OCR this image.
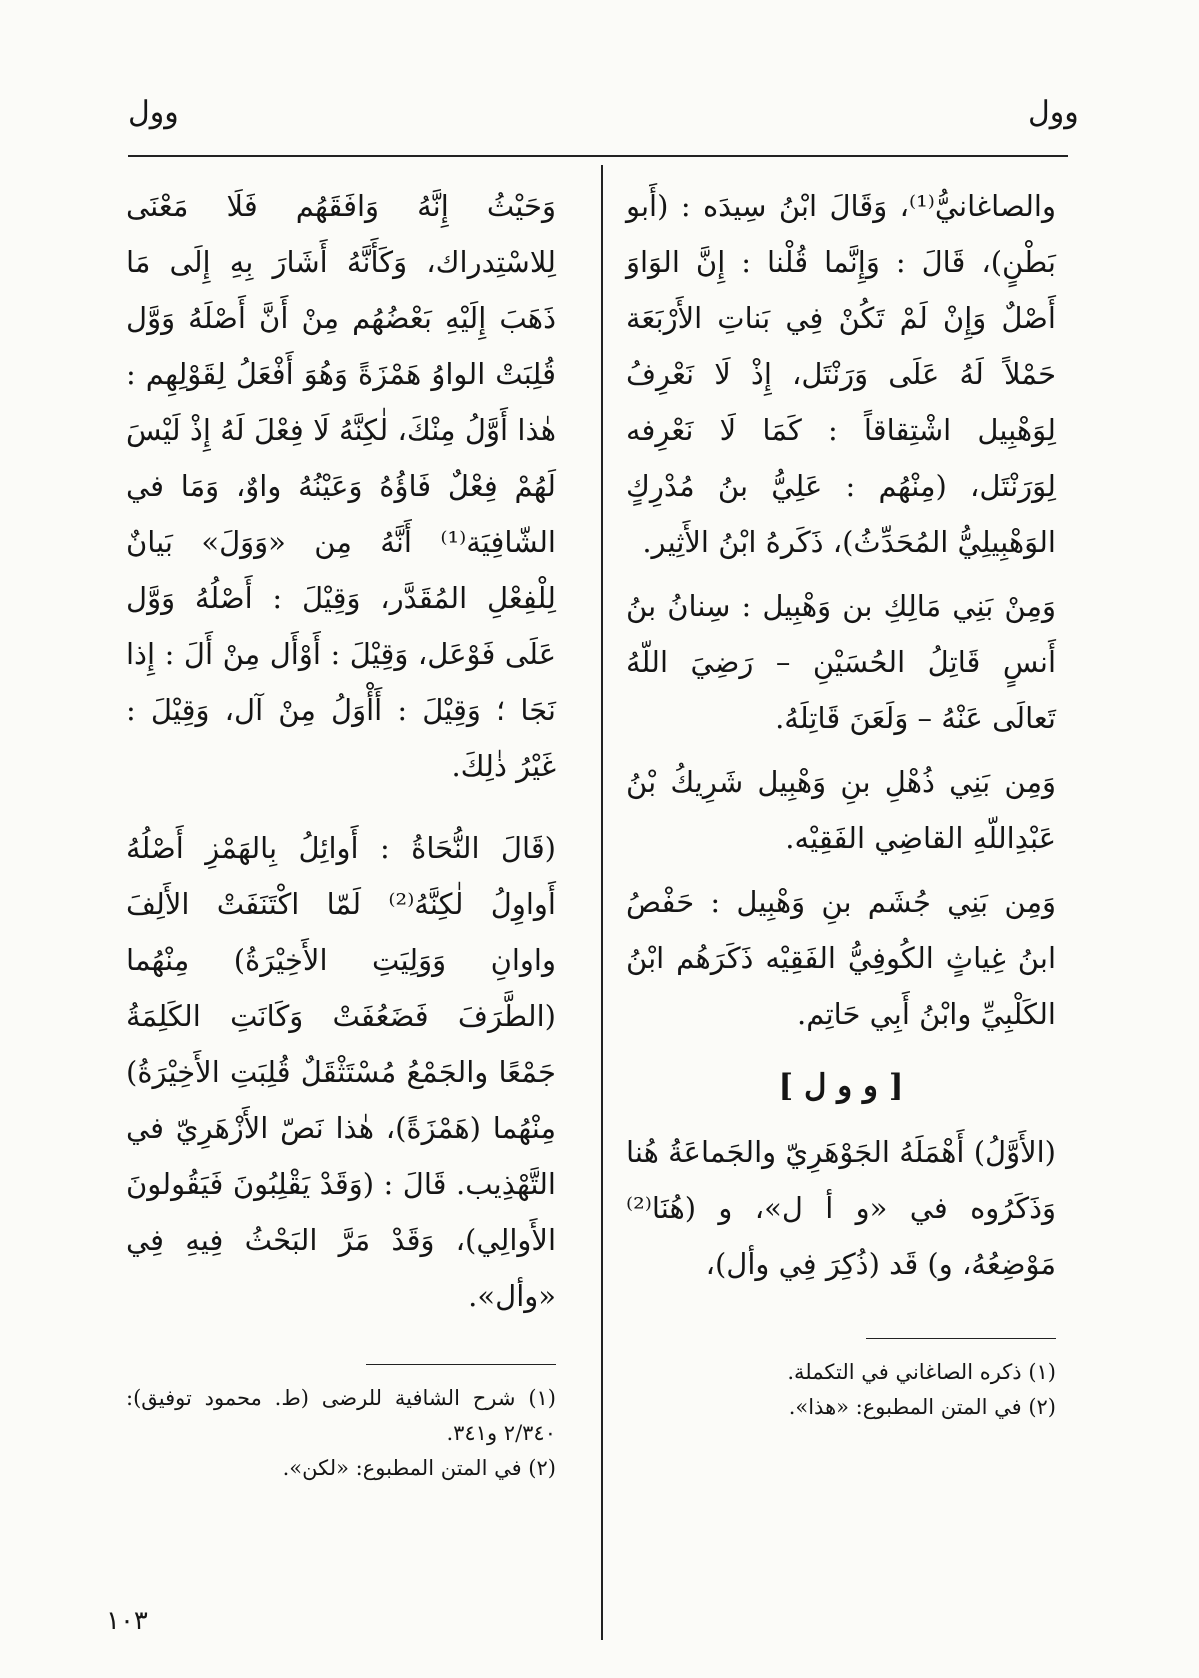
وول	وول

والصاغانيُّ⁽¹⁾، وَقَالَ ابْنُ سِيدَه : (أَبو بَطْنٍ)، قَالَ : وَإِنَّما قُلْنا : إِنَّ الوَاوَ أَصْلٌ وَإِنْ لَمْ تَكُنْ فِي بَناتِ الأَرْبَعَة حَمْلاً لَهُ عَلَى وَرَنْتَل، إِذْ لَا نَعْرِفُ لِوَهْبِيل اشْتِقاقاً : كَمَا لَا نَعْرِفه لِوَرَنْتَل، (مِنْهُم : عَلِيُّ بنُ مُدْرِكٍ الوَهْبِيلِيُّ المُحَدِّثُ)، ذَكَرهُ ابْنُ الأَثِير.

وَمِنْ بَنِي مَالِكِ بن وَهْبِيل : سِنانُ بنُ أَنسٍ قَاتِلُ الحُسَيْنِ – رَضِيَ اللّهُ تَعالَى عَنْهُ – وَلَعَنَ قَاتِلَهُ.

وَمِن بَنِي ذُهْلِ بنِ وَهْبِيل شَرِيكُ بْنُ عَبْدِاللّهِ القاضِي الفَقِيْه.

وَمِن بَنِي جُشَم بنِ وَهْبِيل : حَفْصُ ابنُ غِياثٍ الكُوفِيُّ الفَقِيْه ذَكَرَهُم ابْنُ الكَلْبِيِّ وابْنُ أَبِي حَاتِم.

[ و و ل ]

(الأَوَّلُ) أَهْمَلَهُ الجَوْهَرِيّ والجَماعَةُ هُنا وَذَكَرُوه في «و أ ل»، و (هُنَا⁽²⁾ مَوْضِعُهُ، و) قَد (ذُكِرَ فِي وأل)،

(١) ذكره الصاغاني في التكملة.

(٢) في المتن المطبوع: «هذا».

وَحَيْثُ إِنَّهُ وَافَقَهُم فَلَا مَعْنَى لِلاسْتِدراك، وَكَأَنَّهُ أَشَارَ بِهِ إِلَى مَا ذَهَبَ إِلَيْهِ بَعْضُهُم مِنْ أَنَّ أَصْلَهُ وَوَّل قُلِبَتْ الواوُ هَمْزَةً وَهُوَ أَفْعَلُ لِقَوْلِهِم : هٰذا أَوَّلُ مِنْكَ، لٰكِنَّهُ لَا فِعْلَ لَهُ إِذْ لَيْسَ لَهُمْ فِعْلٌ فَاؤُهُ وَعَيْنُهُ واوٌ، وَمَا في الشّافِيَة⁽¹⁾ أَنَّهُ مِن «وَوَلَ» بَيانٌ لِلْفِعْلِ المُقَدَّر، وَقِيْلَ : أَصْلُهُ وَوَّل عَلَى فَوْعَل، وَقِيْلَ : أَوْأَل مِنْ أَلَ : إِذا نَجَا ؛ وَقِيْلَ : أَأْوَلُ مِنْ آل، وَقِيْلَ : غَيْرُ ذٰلِكَ.

(قَالَ النُّحَاةُ : أَوائِلُ بِالهَمْزِ أَصْلُهُ أَواوِلُ لٰكِنَّهُ⁽²⁾ لَمّا اكْتَنَفَتْ الأَلِفَ واوانِ وَوَلِيَتِ الأَخِيْرَةُ) مِنْهُما (الطَّرَفَ فَضَعُفَتْ وَكَانَتِ الكَلِمَةُ جَمْعًا والجَمْعُ مُسْتَثْقَلٌ قُلِبَتِ الأَخِيْرَةُ) مِنْهُما (هَمْزَةً)، هٰذا نَصّ الأَزْهَرِيّ في التَّهْذِيب. قَالَ : (وَقَدْ يَقْلِبُونَ فَيَقُولونَ الأَوالِي)، وَقَدْ مَرَّ البَحْثُ فِيهِ فِي «وأل».

(١) شرح الشافية للرضى (ط. محمود توفيق): ٢/٣٤٠ و٣٤١.

(٢) في المتن المطبوع: «لكن».

١٠٣
